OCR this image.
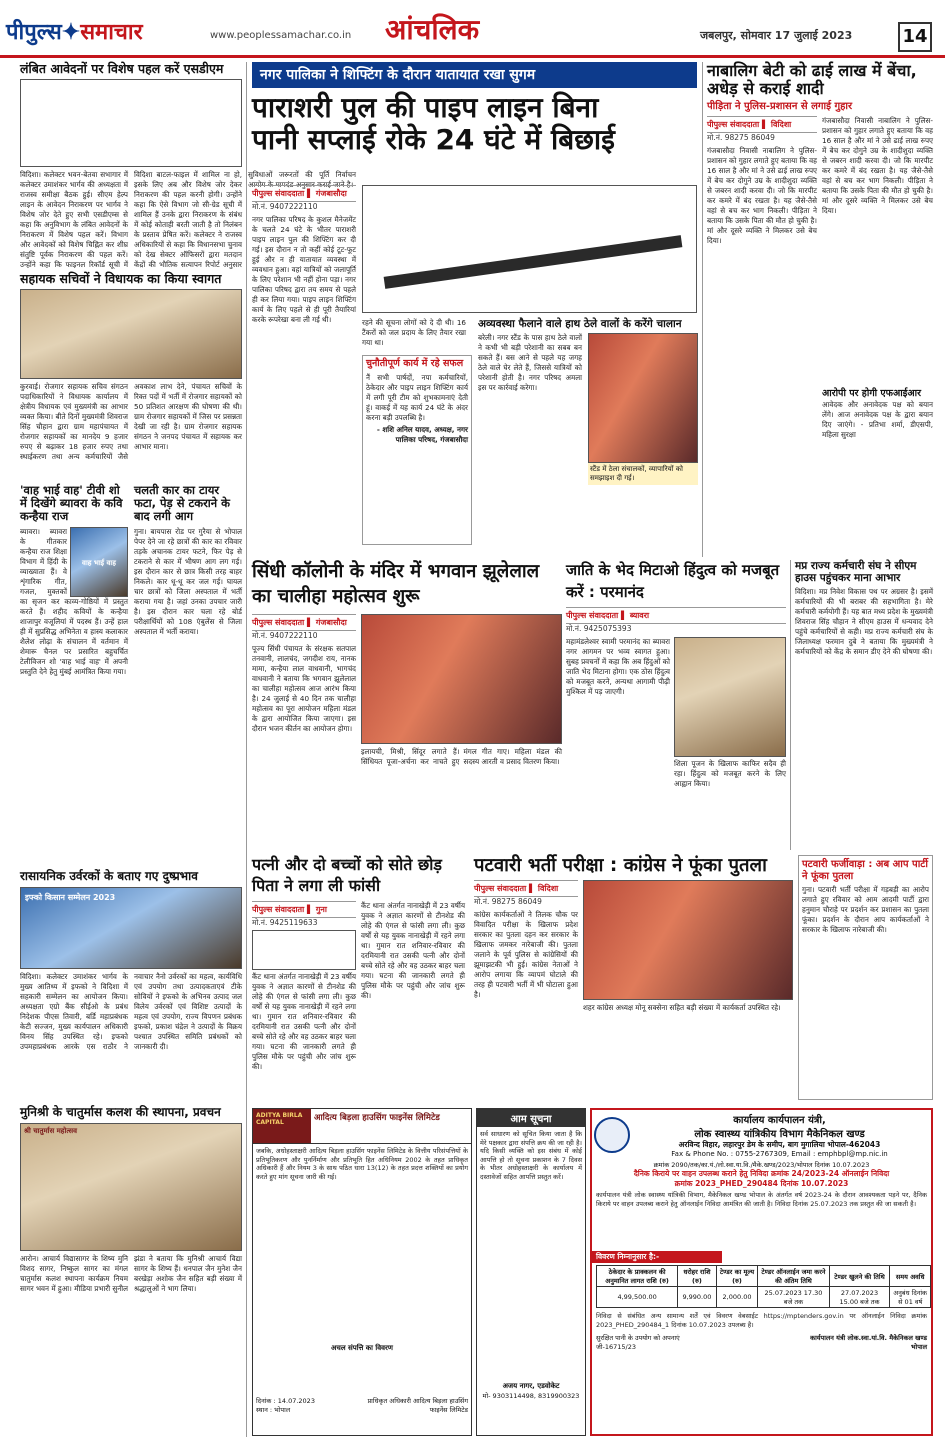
पीपुल्स✦समाचार	www.peoplessamachar.co.in आंचलिक	जबलपुर, सोमवार 17 जुलाई 2023	14
लंबित आवेदनों पर विशेष पहल करें एसडीएम
विदिशा। कलेक्टर भवन-बेतवा सभागार में कलेक्टर उमाशंकर भार्गव की अध्यक्षता में राजस्व समीक्षा बैठक हुई। सीएम हेल्प लाइन के आवेदन निराकरण पर भार्गव ने विशेष जोर देते हुए सभी एसडीएम्स से कहा कि अनुविभाग के लंबित आवेदनों के निराकरण में विशेष पहल करें। विभाग और आवेदकों को विशेष चिह्नित कर शीघ्र संतुष्टि पूर्वक निराकरण की पहल करें। उन्होंने कहा कि फाइनल रिकॉर्ड सूची में विदिशा बाटल-फाइल में शामिल ना हो, इसके लिए अब और विशेष जोर देकर निराकरण की पहल करनी होगी। उन्होंने कहा कि ऐसे विभाग जो सी-ग्रेड सूची में शामिल हैं उनके द्वारा निराकरण के संबंध में कोई कोताही बरती जाती है तो निलंबन के प्रस्ताव प्रेषित करें। कलेक्टर ने राजस्व अधिकारियों से कहा कि विधानसभा चुनाव को देख सेक्टर ऑफिसरों द्वारा मतदान केंद्रों की भौतिक सत्यापन रिपोर्ट अनुसार सुविधाओं जरूरतों की पूर्ति निर्वाचन आयोग के मापदंड अनुसार कराई जाने है।
सहायक सचिवों ने विधायक का किया स्वागत
कुरवाई। रोजगार सहायक सचिव संगठन पदाधिकारियों ने विधायक कार्यालय में क्षेत्रीय विधायक एवं मुख्यमंत्री का आभार व्यक्त किया। बीते दिनों मुख्यमंत्री शिवराज सिंह चौहान द्वारा ग्राम महापंचायत में रोजगार सहायकों का मानदेय 9 हजार रुपए से बढ़ाकर 18 हजार रुपए तथा स्थाईकरण तथा अन्य कर्मचारियों जैसे अवकाश लाभ देने, पंचायत सचिवों के रिक्त पदों में भर्ती में रोजगार सहायकों को 50 प्रतिशत आरक्षण की घोषणा की थी। ग्राम रोजगार सहायकों में जिस पर प्रसन्नता देखी जा रही है। ग्राम रोजगार सहायक संगठन ने जनपद पंचायत में सहायक कर आभार माना।
'वाह भाई वाह' टीवी शो में दिखेंगे ब्यावरा के कवि कन्हैया राज
वाह भाई वाह
ब्यावरा। ब्यावरा के गीतकार कन्हैया राज शिक्षा विभाग में हिंदी के व्याख्याता हैं। वे शृंगारिक गीत, गजल, मुक्तकों का सृजन कर काव्य-गोष्ठियों में प्रस्तुत करते हैं। शहीद कवियों के कन्हैया शाजापुर वजूलियां में पदस्थ हैं। उन्हें हाल ही में सुप्रसिद्ध अभिनेता व हास्य कलाकार शैलेश लोढ़ा के संचालन में वर्तमान में शेमारू चैनल पर प्रसारित बहुचर्चित टेलीविजन शो 'वाह भाई वाह' में अपनी प्रस्तुति देने हेतु मुंबई आमंत्रित किया गया।
चलती कार का टायर फटा, पेड़ से टकराने के बाद लगी आग
गुना। बायपास रोड पर गुरैया से भोपाल पेपर देने जा रहे छात्रों की कार का रविवार तड़के अचानक टायर फटने, फिर पेड़ से टकराने से कार में भीषण आग लग गई। इस दौरान कार से छात्र किसी तरह बाहर निकले। कार धू-धू कर जल गई। घायल चार छात्रों को जिला अस्पताल में भर्ती कराया गया है। जहां उनका उपचार जारी है। इस दौरान कार चला रहे बोर्ड परीक्षार्थियों को 108 एंबुलेंस से जिला अस्पताल में भर्ती कराया।
रासायनिक उर्वरकों के बताए गए दुष्प्रभाव
इफ्को किसान सम्मेलन 2023
विदिशा। कलेक्टर उमाशंकर भार्गव के मुख्य आतिथ्य में इफको ने विदिशा में सहकारी सम्मेलन का आयोजन किया। अध्यक्षता एग्रो बैंक सीईओ के प्रबंध निदेशक पीएस तिवारी, बर्डि महाप्रबंधक केटी सज्जन, मुख्य कार्यपालन अधिकारी विनय सिंह उपस्थित रहे। इफको उपमहाप्रबंधक आरके एस राठौर ने नवाचार नैनो उर्वरकों का महत्व, कार्यविधि एवं उपयोग तथा उत्पादकताएवं टीके सोवियों ने इफको के अभिनव उत्पाद जल विलेय उर्वरकों एवं विशिष्ट उत्पादों के महत्व एवं उपयोग, राज्य विपणन प्रबंधक इफको, प्रकाश चंद्रेल ने उत्पादों के विक्रय पश्चात उपस्थित समिति प्रबंधकों को जानकारी दी।
मुनिश्री के चातुर्मास कलश की स्थापना, प्रवचन
श्री चातुर्मास महोत्सव
आरोन। आचार्य विद्यासागर के शिष्य मुनि विशद सागर, निष्कुल सागर का मंगल चातुर्मास कलश स्थापना कार्यक्रम नियम सागर भवन में हुआ। मीडिया प्रभारी सुनील झंडा ने बताया कि मुनिश्री आचार्य विद्या सागर के शिष्य हैं। धनपाल जैन मुनेश जैन बरखेड़ा अशोक जैन सहित बड़ी संख्या में श्रद्धालुओं ने भाग लिया।
नगर पालिका ने शिफ्टिंग के दौरान यातायात रखा सुगम
पाराशरी पुल की पाइप लाइन बिना
पानी सप्लाई रोके 24 घंटे में बिछाई
पीपुल्स संवाददाता ▌ गंजबासौदा
मो.नं. 9407222110
नगर पालिका परिषद के कुशल मैनेजमेंट के चलते 24 घंटे के भीतर पाराशरी पाइप लाइन पुल की शिफ्टिंग कर दी गई। इस दौरान न तो कहीं कोई टूट-फूट हुई और न ही यातायात व्यवस्था में व्यवधान हुआ। वहां यात्रियों को जलापूर्ति के लिए परेशान भी नहीं होना पड़ा। नगर पालिका परिषद द्वारा तय समय से पहले ही कर लिया गया। पाइप लाइन शिफ्टिंग कार्य के लिए पहले से ही पूरी तैयारियां करके रूपरेखा बना ली गई थी।	रहने की सूचना लोगों को दे दी थी। 16 टैंकरों को जल प्रदाय के लिए तैयार रखा गया था।
चुनौतीपूर्ण कार्य में रहे सफल
नैं सभी पार्षदों, नपा कर्मचारियों, ठेकेदार और पाइप लाइन शिफ्टिंग कार्य में लगी पूरी टीम को शुभकामनाएं देती हूं। वाकई में यह कार्य 24 घंटे के अंदर करना बड़ी उपलब्धि है।
- शशि अनिल यादव, अध्यक्ष, नगर पालिका परिषद, गंजबासौदा
अव्यवस्था फैलाने वाले हाथ ठेले वालों के करेंगे चालान
बरेली। नगर स्टैंड के पास हाथ ठेले वालों ने कभी भी बड़ी परेशानी का सबब बन सकते हैं। बस आने से पहले यह जगह ठेले वाले घेर लेते हैं, जिससे यात्रियों को परेशानी होती है। नगर परिषद अमला इस पर कार्रवाई करेगा।
स्टैंड में ठेला संचालकों, व्यापारियों को समझाइश दी गई।
नाबालिग बेटी को ढाई लाख में बेंचा, अधेड़ से कराई शादी
पीड़िता ने पुलिस-प्रशासन से लगाई गुहार
पीपुल्स संवाददाता ▌ विदिशा
मो.नं. 98275 86049
गंजबासौदा निवासी नाबालिग ने पुलिस-प्रशासन को गुहार लगाते हुए बताया कि वह 16 साल है और मां ने उसे ढाई लाख रुपए में बेच कर दोगुने उम्र के शादीशुदा व्यक्ति से जबरन शादी करवा दी। जो कि मारपीट कर कमरे में बंद रखता है। यह जैसे-तैसे वहां से बच कर भाग निकली। पीड़िता ने बताया कि उसके पिता की मौत हो चुकी है। मां और दूसरे व्यक्ति ने मिलकर उसे बेच दिया।
गंजबासौदा निवासी नाबालिग ने पुलिस-प्रशासन को गुहार लगाते हुए बताया कि वह 16 साल है और मां ने उसे ढाई लाख रुपए में बेच कर दोगुने उम्र के शादीशुदा व्यक्ति से जबरन शादी करवा दी। जो कि मारपीट कर कमरे में बंद रखता है। यह जैसे-तैसे वहां से बच कर भाग निकली। पीड़िता ने बताया कि उसके पिता की मौत हो चुकी है। मां और दूसरे व्यक्ति ने मिलकर उसे बेच दिया।
आरोपी पर होगी एफआईआर
आवेदक और अनावेदक पक्ष को बयान लेंगे। आज अनावेदक पक्ष के द्वारा बयान दिए जाएंगे। - प्रतिभा शर्मा, डीएसपी, महिला सुरक्षा
सिंधी कॉलोनी के मंदिर में भगवान झूलेलाल का चालीहा महोत्सव शुरू
पीपुल्स संवाददाता ▌ गंजबासौदा
मो.नं. 9407222110
पूज्य सिंधी पंचायत के संरक्षक सतपाल तनवानी, लालचंद, जगदीश राय, नानक मामा, कन्हैया लाल वाधवानी, भागचंद वाधवानी ने बताया कि भगवान झूलेलाल का चालीहा महोत्सव आज आरंभ किया है। 24 जुलाई से 40 दिन तक चालीहा महोत्सव का पूरा आयोजन महिला मंडल के द्वारा आयोजित किया जाएगा। इस दौरान भजन कीर्तन का आयोजन होगा।
इलायची, मिश्री, सिंदूर लगाते हैं। सिंधियत पूजा-अर्चना कर नाचते हुए मंगल गीत गाए। महिला मंडल की सदस्य आरती व प्रसाद वितरण किया।
जाति के भेद मिटाओ हिंदुत्व को मजबूत करें : परमानंद
पीपुल्स संवाददाता ▌ ब्यावरा
मो.नं. 9425075393
महामंडलेश्वर स्वामी परमानंद का ब्यावरा नगर आगमन पर भव्य स्वागत हुआ। सुबह प्रवचनों में कहा कि अब हिंदुओं को जाति भेद मिटाना होगा। एक ठोस हिंदुत्व को मजबूत करने, अन्यथा आगामी पीढ़ी मुश्किल में पड़ जाएगी।
शिला पूजन के खिलाफ काफिर सदैव ही रहा। हिंदुत्व को मजबूत करने के लिए आह्वान किया।
मप्र राज्य कर्मचारी संघ ने सीएम हाउस पहुंचकर माना आभार
विदिशा। मप्र निवेश विकास पथ पर अग्रसर है। इसमें कर्मचारियों की भी बराबर की सहभागिता है। मेरे कर्मचारी कर्मयोगी हैं। यह बात मध्य प्रदेश के मुख्यमंत्री शिवराज सिंह चौहान ने सीएम हाउस में धन्यवाद देने पहुंचे कर्मचारियों से कही। मप्र राज्य कर्मचारी संघ के जिलाध्यक्ष फरमान दुबे ने बताया कि मुख्यमंत्री ने कर्मचारियों को केंद्र के समान डीए देने की घोषणा की।
पत्नी और दो बच्चों को सोते छोड़ पिता ने लगा ली फांसी
पीपुल्स संवाददाता ▌ गुना
मो.नं. 9425119633
कैंट थाना अंतर्गत नानाखेड़ी में 23 वर्षीय युवक ने अज्ञात कारणों से टीनशेड की लोहे की एंगल से फांसी लगा ली। कुछ वर्षों से यह युवक नानाखेड़ी में रहने लगा था। गुमान रात शनिवार-रविवार की दरमियानी रात उसकी पत्नी और दोनों बच्चे सोते रहे और वह उठकर बाहर चला गया। घटना की जानकारी लगते ही पुलिस मौके पर पहुंची और जांच शुरू की।
कैंट थाना अंतर्गत नानाखेड़ी में 23 वर्षीय युवक ने अज्ञात कारणों से टीनशेड की लोहे की एंगल से फांसी लगा ली। कुछ वर्षों से यह युवक नानाखेड़ी में रहने लगा था। गुमान रात शनिवार-रविवार की दरमियानी रात उसकी पत्नी और दोनों बच्चे सोते रहे और वह उठकर बाहर चला गया। घटना की जानकारी लगते ही पुलिस मौके पर पहुंची और जांच शुरू की।
पटवारी भर्ती परीक्षा : कांग्रेस ने फूंका पुतला
पीपुल्स संवाददाता ▌ विदिशा
मो.नं. 98275 86049
कांग्रेस कार्यकर्ताओं ने तिलक चौक पर विवादित परीक्षा के खिलाफ प्रदेश सरकार का पुतला दहन कर सरकार के खिलाफ जमकर नारेबाजी की। पुतला जलाने के पूर्व पुलिस से कांग्रेसियों की झूमाझटकी भी हुई। कांग्रेस नेताओं ने आरोप लगाया कि व्यापमं घोटाले की तरह ही पटवारी भर्ती में भी घोटाला हुआ है।
शहर कांग्रेस अध्यक्ष मोनू सक्सेना सहित बड़ी संख्या में कार्यकर्ता उपस्थित रहे।
पटवारी फर्जीवाड़ा : अब आप पार्टी ने फूंका पुतला
गुना। पटवारी भर्ती परीक्षा में गड़बड़ी का आरोप लगाते हुए रविवार को आम आदमी पार्टी द्वारा हनुमान चौराहे पर प्रदर्शन कर प्रशासन का पुतला फूंका। प्रदर्शन के दौरान आप कार्यकर्ताओं ने सरकार के खिलाफ नारेबाजी की।
ADITYA BIRLA CAPITAL	आदित्य बिड़ला हाउसिंग फाइनेंस लिमिटेड
जबकि, अधोहस्ताक्षरी आदित्य बिड़ला हाउसिंग फाइनेंस लिमिटेड के वित्तीय परिसंपत्तियों के प्रतिभूतिकरण और पुनर्निर्माण और प्रतिभूति हित अधिनियम 2002 के तहत प्राधिकृत अधिकारी हैं और नियम 3 के साथ पठित धारा 13(12) के तहत प्रदत्त शक्तियों का प्रयोग करते हुए मांग सूचना जारी की गई।
अचल संपत्ति का विवरण
दिनांक : 14.07.2023
स्थान : भोपाल
प्राधिकृत अधिकारी आदित्य बिड़ला हाउसिंग फाइनेंस लिमिटेड
आम सूचना
सर्व साधारण को सूचित किया जाता है कि मेरे पक्षकार द्वारा संपत्ति क्रय की जा रही है। यदि किसी व्यक्ति को इस संबंध में कोई आपत्ति हो तो सूचना प्रकाशन के 7 दिवस के भीतर अधोहस्ताक्षरी के कार्यालय में दस्तावेजों सहित आपत्ति प्रस्तुत करें।
अजय नागर, एडवोकेट
मो- 9303114498, 8319900323
कार्यालय कार्यपालन यंत्री,
लोक स्वास्थ्य यांत्रिकीय विभाग मैकेनिकल खण्ड
अरविन्द विहार, लहारपुर डेम के समीप, बाग मुगालिया भोपाल-462043
Fax & Phone No. : 0755-2767309, Email : emphbpl@mp.nic.in
क्रमांक 2090/तक/का.यं./लो.स्वा.या.वि./मैके.खण्ड/2023/भोपाल दिनांक 10.07.2023
दैनिक किराये पर वाहन उपलब्ध कराने हेतु निविदा क्रमांक 24/2023-24 ऑनलाईन निविदा
क्रमांक 2023_PHED_290484 दिनांक 10.07.2023
कार्यपालन यंत्री लोक स्वास्थ्य यांत्रिकी विभाग, मैकेनिकल खण्ड भोपाल के अंतर्गत वर्ष 2023-24 के दौरान आवश्यकता पड़ने पर, दैनिक किराये पर वाहन उपलब्ध कराने हेतु ऑनलाईन निविदा आमंत्रित की जाती है। निविदा दिनांक 25.07.2023 तक प्रस्तुत की जा सकती है।
विवरण निम्नानुसार है:-
ठेकेदार के प्राक्कलन की अनुमानित लागत राशि (रु)	धरोहर राशि (रु)	टेण्डर का मूल्य (रु)	टेण्डर ऑनलाईन जमा करने की अंतिम तिथि	टेण्डर खुलने की तिथि	समय अवधि
4,99,500.00	9,990.00	2,000.00	25.07.2023 17.30 बजे तक	27.07.2023 15.00 बजे तक	अनुबंध दिनांक से 01 वर्ष
निविदा से संबंधित अन्य सामान्य शर्तें एवं विवरण वेबसाईट https://mptenders.gov.in पर ऑनलाईन निविदा क्रमांक 2023_PHED_290484_1 दिनांक 10.07.2023 उपलब्ध है।
सुरक्षित पानी के उपयोग को अपनाएं
जी-16715/23
कार्यपालन यंत्री लोक.स्वा.यां.वि. मैकेनिकल खण्ड भोपाल
